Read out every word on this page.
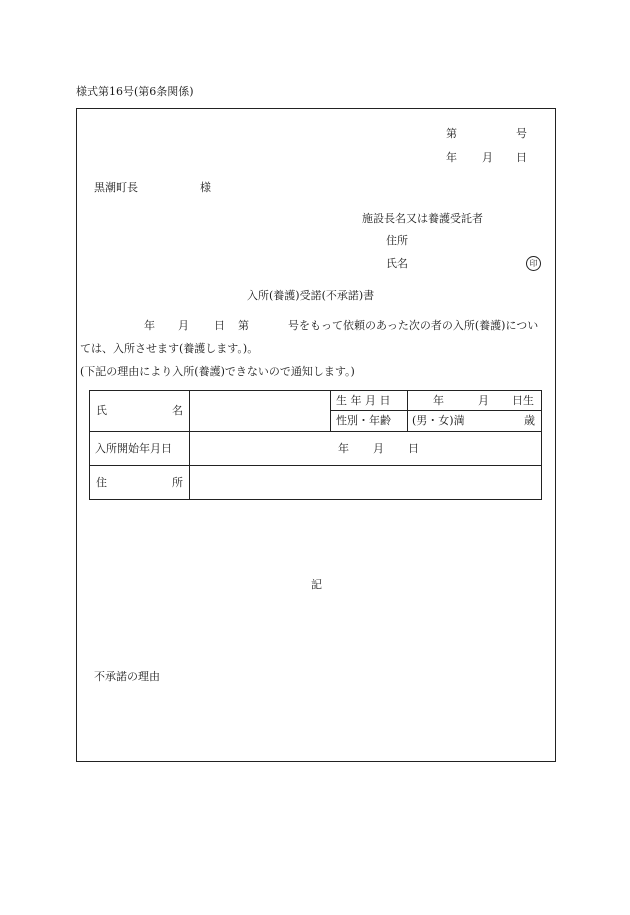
様式第16号(第6条関係)
第	号
年 月 日
黒潮町長	様
施設長名又は養護受託者
住所
氏名	印
入所(養護)受諾(不承諾)書
年 月 日 第	号をもって依頼のあった次の者の入所(養護)につい
ては、入所させます(養護します。)。
(下記の理由により入所(養護)できないので通知します。)
氏	名
生 年 月 日	年	月 日生
性別・年齢 (男・女)満	歳
入所開始年月日	年 月 日
住	所
記
不承諾の理由
